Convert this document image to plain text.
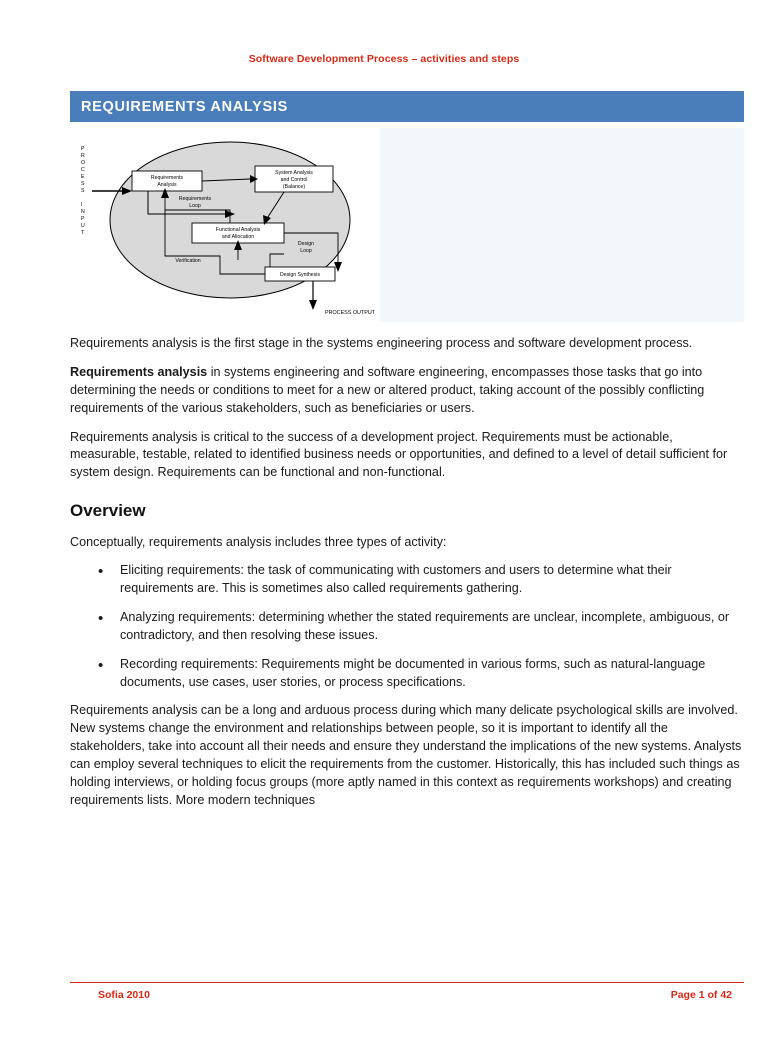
Software Development Process – activities and steps
REQUIREMENTS ANALYSIS
P
R
O
C
E
S
S
I
N
P
U
T
Requirements
Analysis
System Analysis
and Control
(Balance)
Functional Analysis
and Allocation
Design Synthesis
Requirements
Loop
Design
Loop
Verification
PROCESS OUTPUT

Requirements analysis is the first stage in the systems engineering process and software development process.

Requirements analysis in systems engineering and software engineering, encompasses those tasks that go into determining the needs or conditions to meet for a new or altered product, taking account of the possibly conflicting requirements of the various stakeholders, such as beneficiaries or users.

Requirements analysis is critical to the success of a development project. Requirements must be actionable, measurable, testable, related to identified business needs or opportunities, and defined to a level of detail sufficient for system design. Requirements can be functional and non-functional.

Overview

Conceptually, requirements analysis includes three types of activity:

• Eliciting requirements: the task of communicating with customers and users to determine what their requirements are. This is sometimes also called requirements gathering.
• Analyzing requirements: determining whether the stated requirements are unclear, incomplete, ambiguous, or contradictory, and then resolving these issues.
• Recording requirements: Requirements might be documented in various forms, such as natural-language documents, use cases, user stories, or process specifications.

Requirements analysis can be a long and arduous process during which many delicate psychological skills are involved. New systems change the environment and relationships between people, so it is important to identify all the stakeholders, take into account all their needs and ensure they understand the implications of the new systems. Analysts can employ several techniques to elicit the requirements from the customer. Historically, this has included such things as holding interviews, or holding focus groups (more aptly named in this context as requirements workshops) and creating requirements lists. More modern techniques

Sofia 2010	Page 1 of 42
